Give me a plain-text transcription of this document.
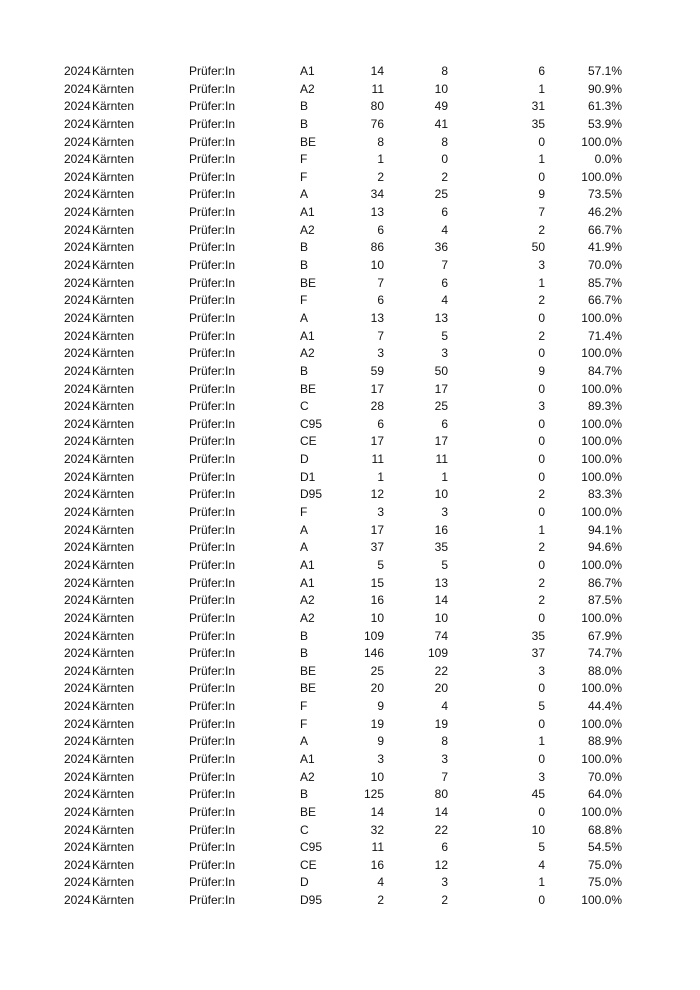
2024 Kärnten	Prüfer:In	A1	14	8	6	57.1%
2024 Kärnten	Prüfer:In	A2	11	10	1	90.9%
2024 Kärnten	Prüfer:In	B	80	49	31	61.3%
2024 Kärnten	Prüfer:In	B	76	41	35	53.9%
2024 Kärnten	Prüfer:In	BE	8	8	0	100.0%
2024 Kärnten	Prüfer:In	F	1	0	1	0.0%
2024 Kärnten	Prüfer:In	F	2	2	0	100.0%
2024 Kärnten	Prüfer:In	A	34	25	9	73.5%
2024 Kärnten	Prüfer:In	A1	13	6	7	46.2%
2024 Kärnten	Prüfer:In	A2	6	4	2	66.7%
2024 Kärnten	Prüfer:In	B	86	36	50	41.9%
2024 Kärnten	Prüfer:In	B	10	7	3	70.0%
2024 Kärnten	Prüfer:In	BE	7	6	1	85.7%
2024 Kärnten	Prüfer:In	F	6	4	2	66.7%
2024 Kärnten	Prüfer:In	A	13	13	0	100.0%
2024 Kärnten	Prüfer:In	A1	7	5	2	71.4%
2024 Kärnten	Prüfer:In	A2	3	3	0	100.0%
2024 Kärnten	Prüfer:In	B	59	50	9	84.7%
2024 Kärnten	Prüfer:In	BE	17	17	0	100.0%
2024 Kärnten	Prüfer:In	C	28	25	3	89.3%
2024 Kärnten	Prüfer:In	C95	6	6	0	100.0%
2024 Kärnten	Prüfer:In	CE	17	17	0	100.0%
2024 Kärnten	Prüfer:In	D	11	11	0	100.0%
2024 Kärnten	Prüfer:In	D1	1	1	0	100.0%
2024 Kärnten	Prüfer:In	D95	12	10	2	83.3%
2024 Kärnten	Prüfer:In	F	3	3	0	100.0%
2024 Kärnten	Prüfer:In	A	17	16	1	94.1%
2024 Kärnten	Prüfer:In	A	37	35	2	94.6%
2024 Kärnten	Prüfer:In	A1	5	5	0	100.0%
2024 Kärnten	Prüfer:In	A1	15	13	2	86.7%
2024 Kärnten	Prüfer:In	A2	16	14	2	87.5%
2024 Kärnten	Prüfer:In	A2	10	10	0	100.0%
2024 Kärnten	Prüfer:In	B	109	74	35	67.9%
2024 Kärnten	Prüfer:In	B	146	109	37	74.7%
2024 Kärnten	Prüfer:In	BE	25	22	3	88.0%
2024 Kärnten	Prüfer:In	BE	20	20	0	100.0%
2024 Kärnten	Prüfer:In	F	9	4	5	44.4%
2024 Kärnten	Prüfer:In	F	19	19	0	100.0%
2024 Kärnten	Prüfer:In	A	9	8	1	88.9%
2024 Kärnten	Prüfer:In	A1	3	3	0	100.0%
2024 Kärnten	Prüfer:In	A2	10	7	3	70.0%
2024 Kärnten	Prüfer:In	B	125	80	45	64.0%
2024 Kärnten	Prüfer:In	BE	14	14	0	100.0%
2024 Kärnten	Prüfer:In	C	32	22	10	68.8%
2024 Kärnten	Prüfer:In	C95	11	6	5	54.5%
2024 Kärnten	Prüfer:In	CE	16	12	4	75.0%
2024 Kärnten	Prüfer:In	D	4	3	1	75.0%
2024 Kärnten	Prüfer:In	D95	2	2	0	100.0%
